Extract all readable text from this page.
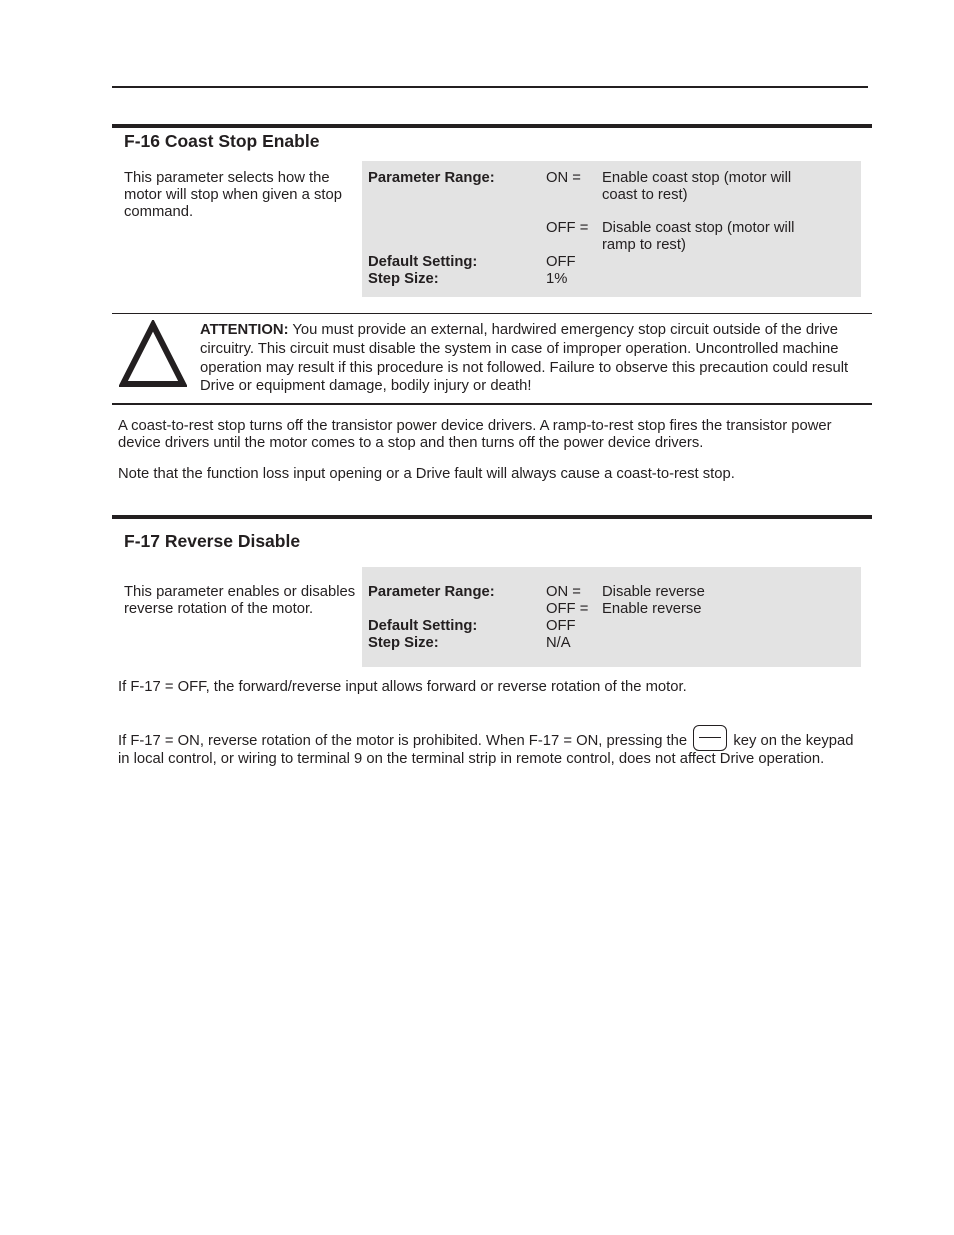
F-16 Coast Stop Enable
This parameter selects how the motor will stop when given a stop command.
Parameter Range:	ON = Enable coast stop (motor will coast to rest)
OFF = Disable coast stop (motor will ramp to rest)
Default Setting:	OFF
Step Size:	1%
ATTENTION: You must provide an external, hardwired emergency stop circuit outside of the drive circuitry. This circuit must disable the system in case of improper operation. Uncontrolled machine operation may result if this procedure is not followed. Failure to observe this precaution could result Drive or equipment damage, bodily injury or death!
A coast-to-rest stop turns off the transistor power device drivers. A ramp-to-rest stop fires the transistor power device drivers until the motor comes to a stop and then turns off the power device drivers.
Note that the function loss input opening or a Drive fault will always cause a coast-to-rest stop.
F-17 Reverse Disable
This parameter enables or disables reverse rotation of the motor.
Parameter Range:	ON = Disable reverse
OFF = Enable reverse
Default Setting:	OFF
Step Size:	N/A
If F-17 = OFF, the forward/reverse input allows forward or reverse rotation of the motor.
If F-17 = ON, reverse rotation of the motor is prohibited. When F-17 = ON, pressing the	key on the keypad in local control, or wiring to terminal 9 on the terminal strip in remote control, does not affect Drive operation.
